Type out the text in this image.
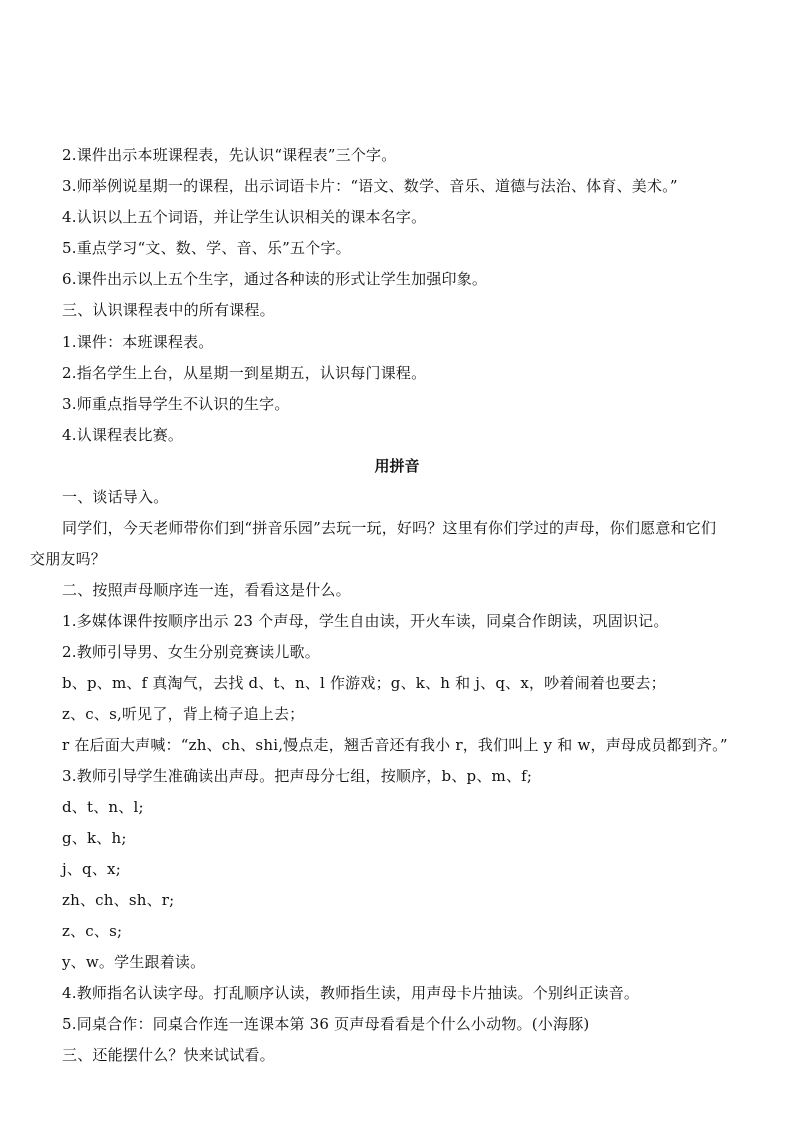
2.课件出示本班课程表，先认识“课程表”三个字。
3.师举例说星期一的课程，出示词语卡片：“语文、数学、音乐、道德与法治、体育、美术。”
4.认识以上五个词语，并让学生认识相关的课本名字。
5.重点学习“文、数、学、音、乐”五个字。
6.课件出示以上五个生字，通过各种读的形式让学生加强印象。
三、认识课程表中的所有课程。
1.课件：本班课程表。
2.指名学生上台，从星期一到星期五，认识每门课程。
3.师重点指导学生不认识的生字。
4.认课程表比赛。
用拼音
一、谈话导入。
同学们，今天老师带你们到“拼音乐园”去玩一玩，好吗？这里有你们学过的声母，你们愿意和它们
交朋友吗？
二、按照声母顺序连一连，看看这是什么。
1.多媒体课件按顺序出示 23 个声母，学生自由读，开火车读，同桌合作朗读，巩固识记。
2.教师引导男、女生分别竞赛读儿歌。
b、p、m、f 真淘气，去找 d、t、n、l 作游戏；g、k、h 和 j、q、x，吵着闹着也要去；
z、c、s,听见了，背上椅子追上去；
r 在后面大声喊：“zh、ch、shi,慢点走，翘舌音还有我小 r，我们叫上 y 和 w，声母成员都到齐。”
3.教师引导学生准确读出声母。把声母分七组，按顺序，b、p、m、f;
d、t、n、l;
g、k、h;
j、q、x;
zh、ch、sh、r;
z、c、s;
y、w。学生跟着读。
4.教师指名认读字母。打乱顺序认读，教师指生读，用声母卡片抽读。个别纠正读音。
5.同桌合作：同桌合作连一连课本第 36 页声母看看是个什么小动物。(小海豚)
三、还能摆什么？快来试试看。
